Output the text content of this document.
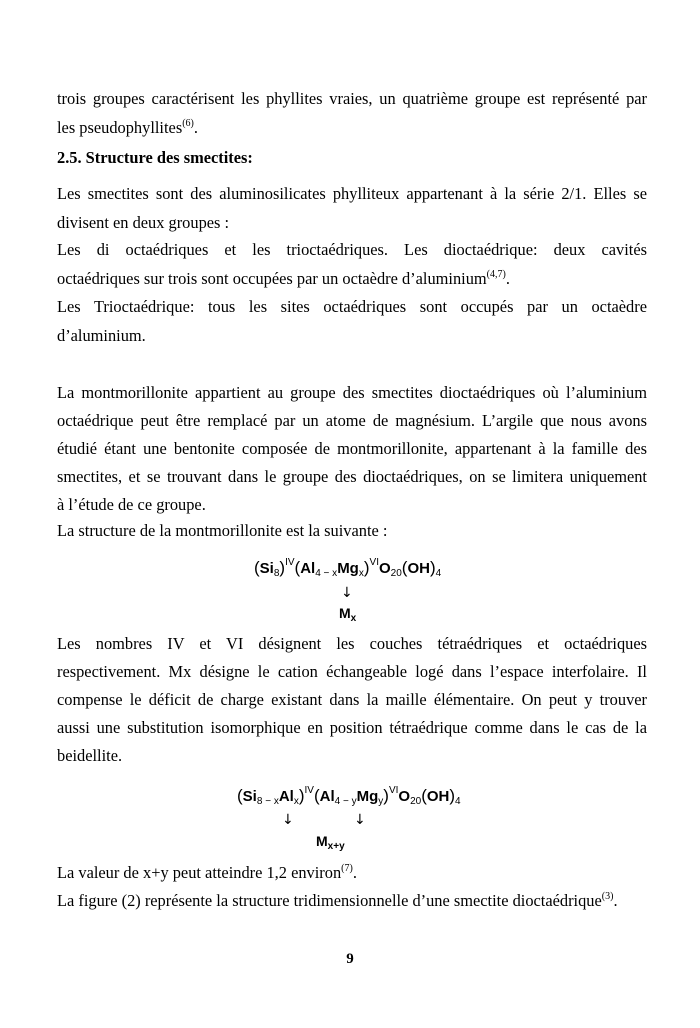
trois groupes caractérisent les phyllites vraies, un quatrième groupe est représenté par
les pseudophyllites$^{(6)}$.
2.5. Structure des smectites:
Les smectites sont des aluminosilicates phylliteux appartenant à la série 2/1. Elles se
divisent en deux groupes :
Les di octaédriques et les trioctaédriques. Les dioctaédrique: deux cavités
octaédriques sur trois sont occupées par un octaèdre d’aluminium$^{(4,7)}$.
Les Trioctaédrique: tous les sites octaédriques sont occupés par un octaèdre
d’aluminium.
La montmorillonite appartient au groupe des smectites dioctaédriques où l’aluminium
octaédrique peut être remplacé par un atome de magnésium. L’argile que nous avons
étudié étant une bentonite composée de montmorillonite, appartenant à la famille des
smectites, et se trouvant dans le groupe des dioctaédriques, on se limitera uniquement
à l’étude de ce groupe.
La structure de la montmorillonite est la suivante :
$(Si_8)^{IV}(Al_{4 - x}Mg_x)^{VI}O_{20}(OH)_4$
↓
$M_x$
Les nombres IV et VI désignent les couches tétraédriques et octaédriques
respectivement. Mx désigne le cation échangeable logé dans l’espace interfolaire. Il
compense le déficit de charge existant dans la maille élémentaire. On peut y trouver
aussi une substitution isomorphique en position tétraédrique comme dans le cas de la
beidellite.
$(Si_{8 - x}Al_x)^{IV}(Al_{4 - y}Mg_y)^{VI}O_{20}(OH)_4$
↓	↓
$M_{x+y}$
La valeur de x+y peut atteindre 1,2 environ$^{(7)}$.
La figure (2) représente la structure tridimensionnelle d’une smectite dioctaédrique$^{(3)}$.
9
